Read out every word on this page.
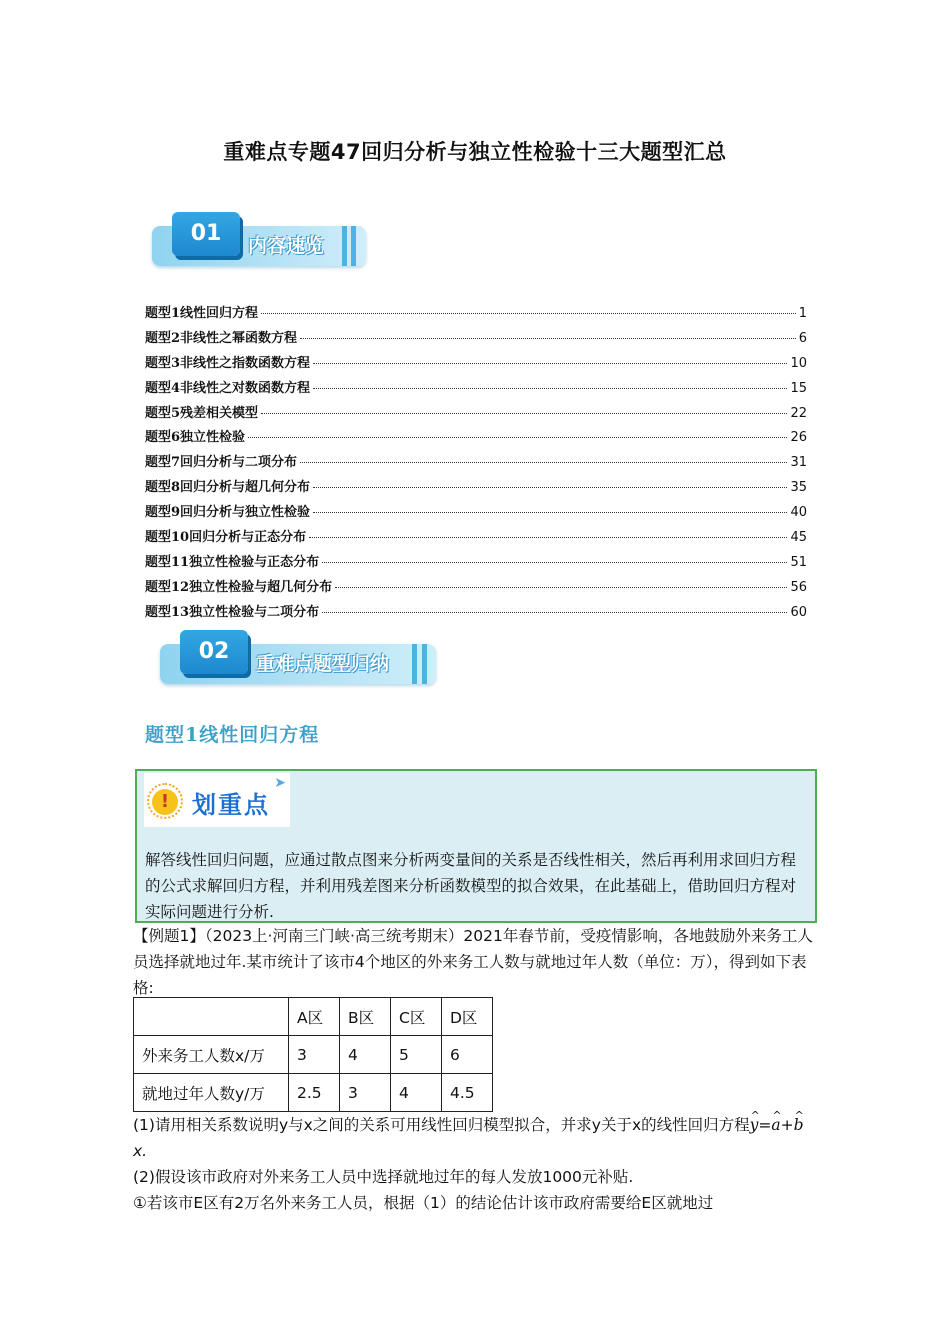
重难点专题47回归分析与独立性检验十三大题型汇总
01	内容速览
题型1线性回归方程	1
题型2非线性之幂函数方程	6
题型3非线性之指数函数方程	10
题型4非线性之对数函数方程	15
题型5残差相关模型	22
题型6独立性检验	26
题型7回归分析与二项分布	31
题型8回归分析与超几何分布	35
题型9回归分析与独立性检验	40
题型10回归分析与正态分布	45
题型11独立性检验与正态分布	51
题型12独立性检验与超几何分布	56
题型13独立性检验与二项分布	60
02	重难点题型归纳
题型1线性回归方程
! 划重点
➤
解答线性回归问题，应通过散点图来分析两变量间的关系是否线性相关，然后再利用求回归方程的公式求解回归方程，并利用残差图来分析函数模型的拟合效果，在此基础上，借助回归方程对实际问题进行分析.
【例题1】（2023上·河南三门峡·高三统考期末）2021年春节前，受疫情影响，各地鼓励外来务工人员选择就地过年.某市统计了该市4个地区的外来务工人数与就地过年人数（单位：万），得到如下表格:
	A区	B区	C区	D区
外来务工人数x/万	3	4	5	6
就地过年人数y/万	2.5	3	4	4.5
(1)请用相关系数说明y与x之间的关系可用线性回归模型拟合，并求y关于x的线性回归方程^ y=^ a+^ bx.
(2)假设该市政府对外来务工人员中选择就地过年的每人发放1000元补贴.
①若该市E区有2万名外来务工人员，根据（1）的结论估计该市政府需要给E区就地过
